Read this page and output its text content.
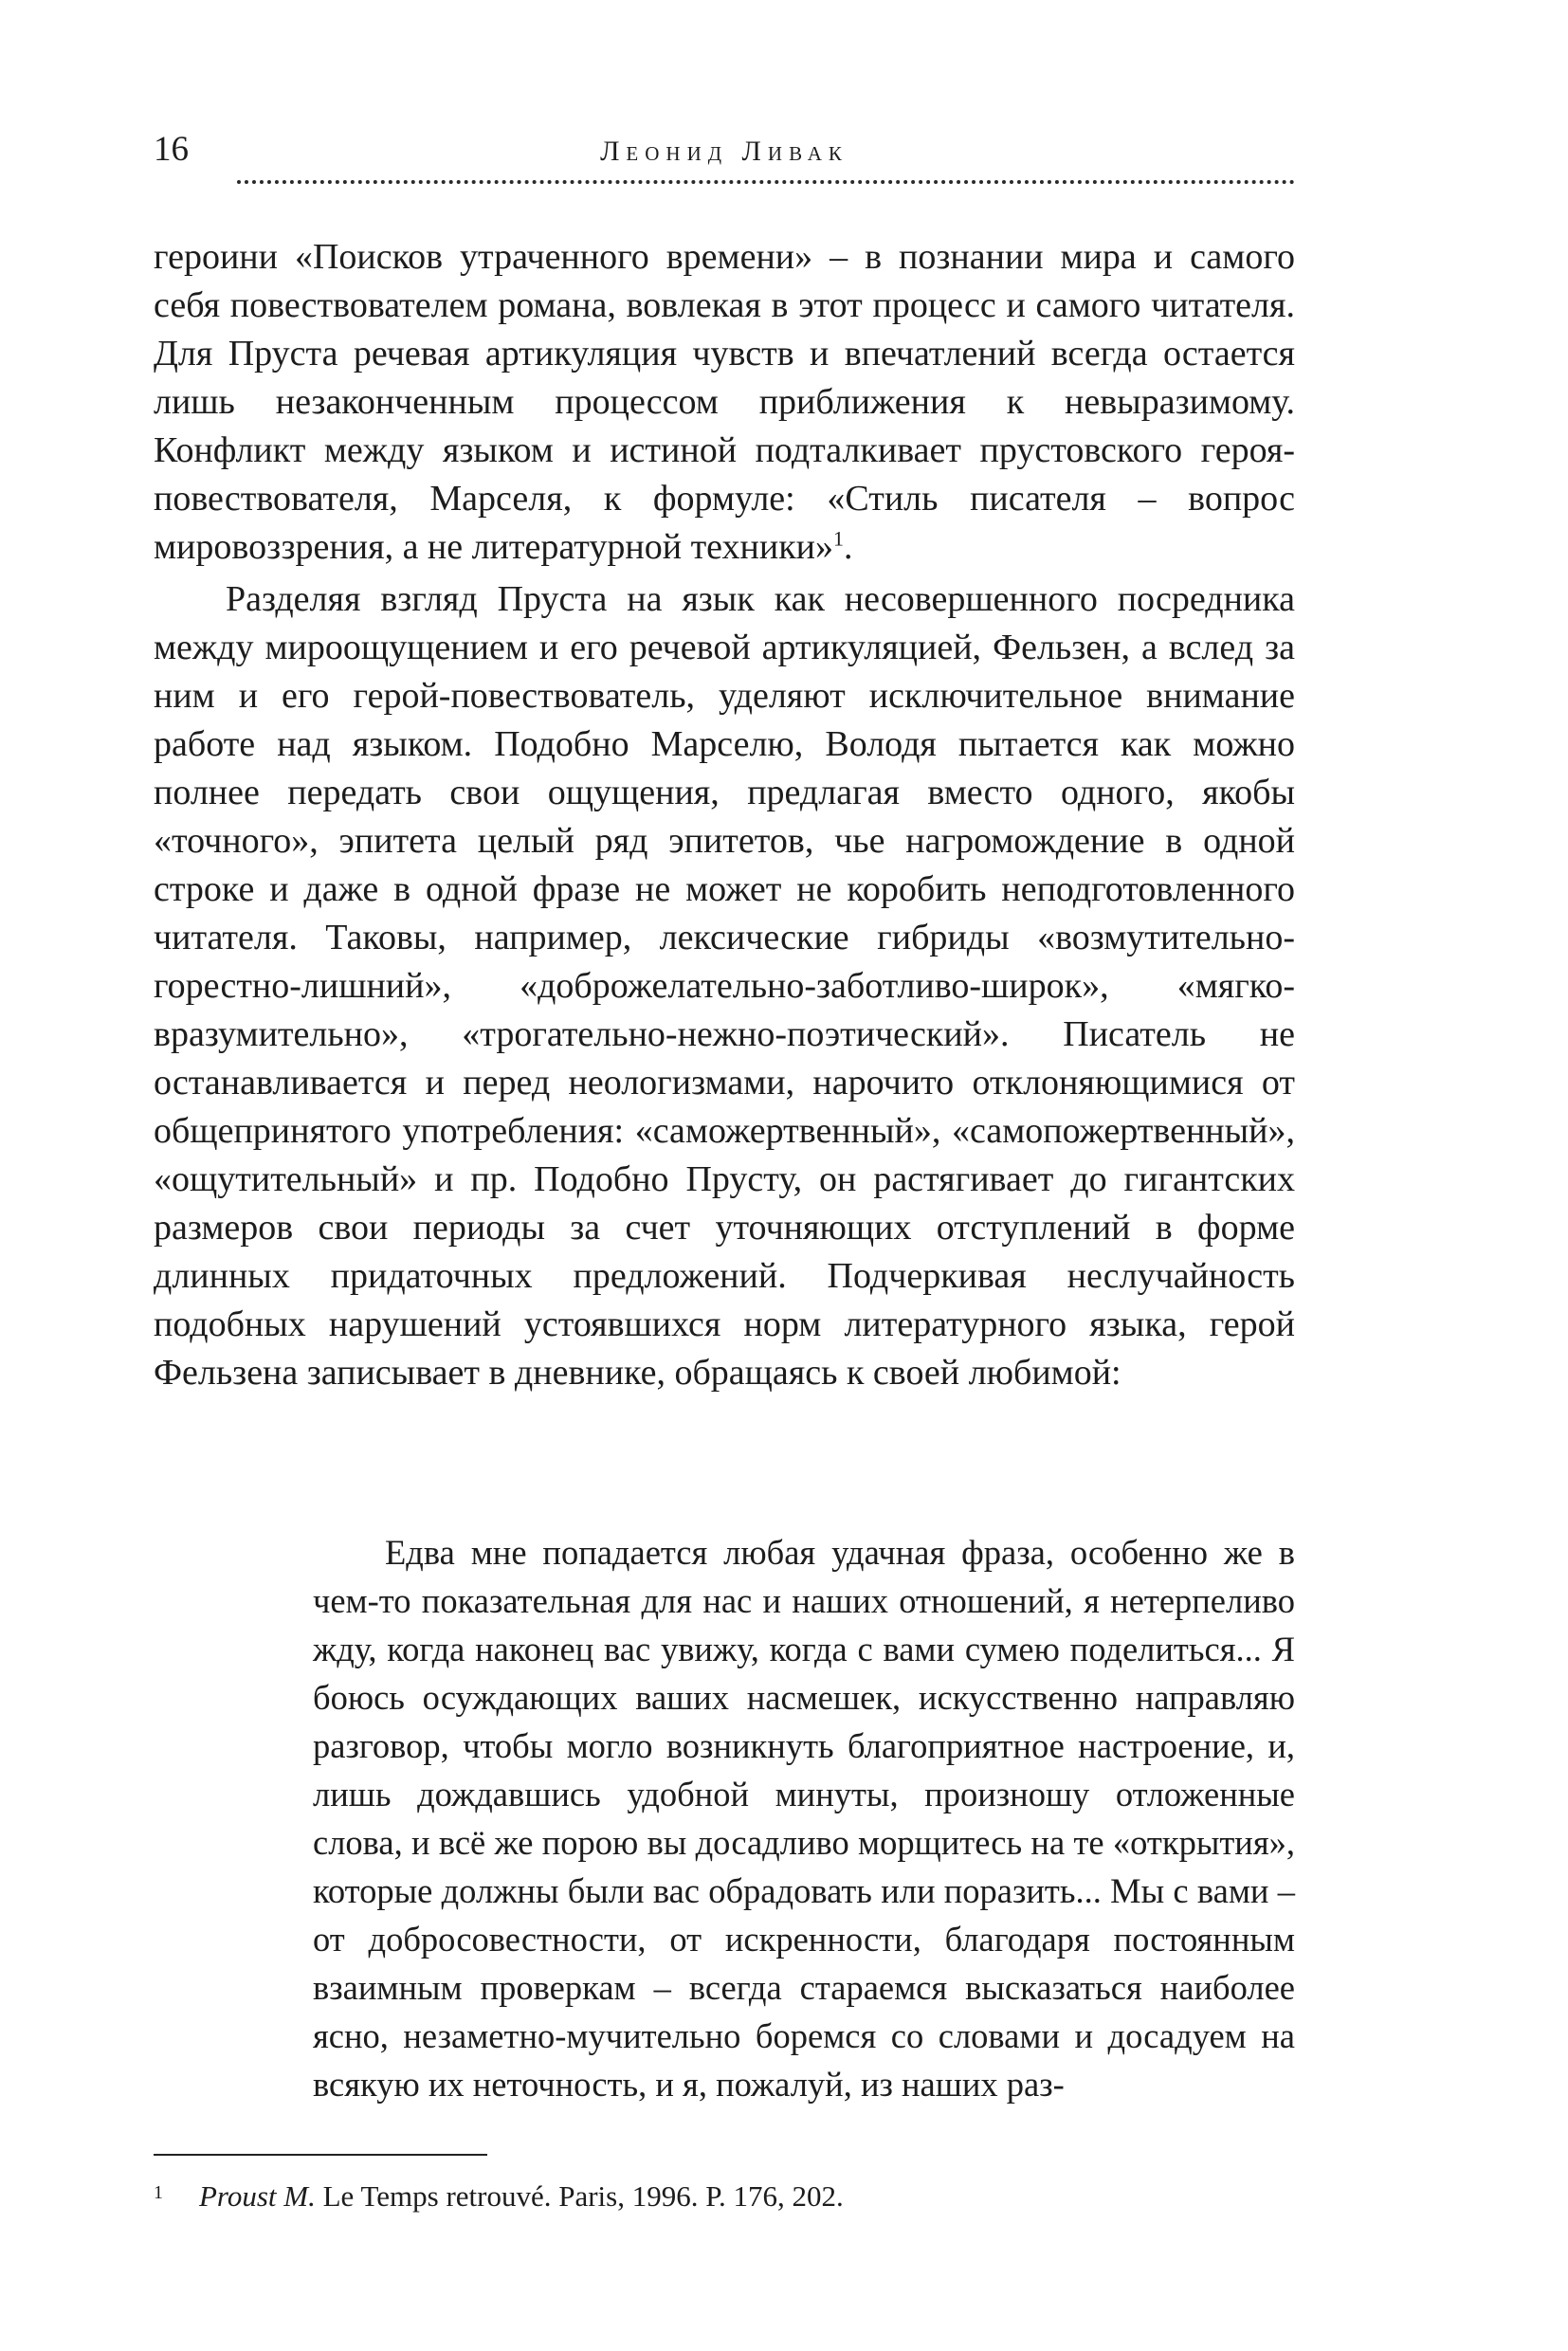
16	Леонид Ливак

героини «Поисков утраченного времени» – в познании мира и самого себя повествователем романа, вовлекая в этот процесс и самого читателя. Для Пруста речевая артикуляция чувств и впечатлений всегда остается лишь незаконченным процессом приближения к невыразимому. Конфликт между языком и истиной подталкивает прустовского героя-повествователя, Марселя, к формуле: «Стиль писателя – вопрос мировоззрения, а не литературной техники»$^1$.

Разделяя взгляд Пруста на язык как несовершенного посредника между мироощущением и его речевой артикуляцией, Фельзен, а вслед за ним и его герой-повествователь, уделяют исключительное внимание работе над языком. Подобно Марселю, Володя пытается как можно полнее передать свои ощущения, предлагая вместо одного, якобы «точного», эпитета целый ряд эпитетов, чье нагромождение в одной строке и даже в одной фразе не может не коробить неподготовленного читателя. Таковы, например, лексические гибриды «возмутительно-горестно-лишний», «доброжелательно-заботливо-широк», «мягко-вразумительно», «трогательно-нежно-поэтический». Писатель не останавливается и перед неологизмами, нарочито отклоняющимися от общепринятого употребления: «саможертвенный», «самопожертвенный», «ощутительный» и пр. Подобно Прусту, он растягивает до гигантских размеров свои периоды за счет уточняющих отступлений в форме длинных придаточных предложений. Подчеркивая неслучайность подобных нарушений устоявшихся норм литературного языка, герой Фельзена записывает в дневнике, обращаясь к своей любимой:

Едва мне попадается любая удачная фраза, особенно же в чем-то показательная для нас и наших отношений, я нетерпеливо жду, когда наконец вас увижу, когда с вами сумею поделиться... Я боюсь осуждающих ваших насмешек, искусственно направляю разговор, чтобы могло возникнуть благоприятное настроение, и, лишь дождавшись удобной минуты, произношу отложенные слова, и всё же порою вы досадливо морщитесь на те «открытия», которые должны были вас обрадовать или поразить... Мы с вами – от добросовестности, от искренности, благодаря постоянным взаимным проверкам – всегда стараемся высказаться наиболее ясно, незаметно-мучительно боремся со словами и досадуем на всякую их неточность, и я, пожалуй, из наших раз-

1 Proust M. Le Temps retrouvé. Paris, 1996. P. 176, 202.
